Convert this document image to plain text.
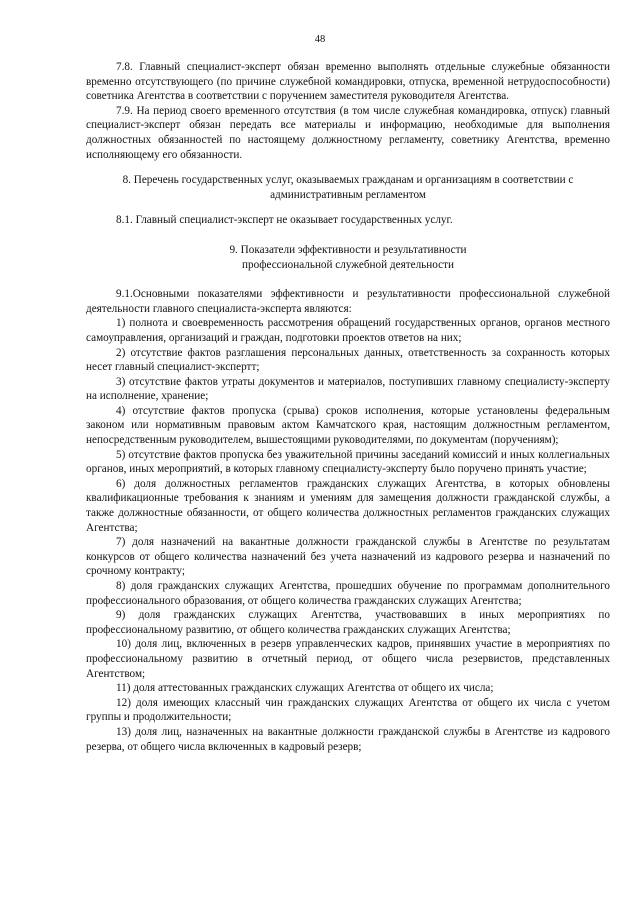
48

7.8. Главный специалист-эксперт обязан временно выполнять отдельные служебные обязанности временно отсутствующего (по причине служебной командировки, отпуска, временной нетрудоспособности) советника Агентства в соответствии с поручением заместителя руководителя Агентства.

7.9. На период своего временного отсутствия (в том числе служебная командировка, отпуск) главный специалист-эксперт обязан передать все материалы и информацию, необходимые для выполнения должностных обязанностей по настоящему должностному регламенту, советнику Агентства, временно исполняющему его обязанности.

8. Перечень государственных услуг, оказываемых гражданам и организациям в соответствии с административным регламентом

8.1. Главный специалист-эксперт не оказывает государственных услуг.

9. Показатели эффективности и результативности

профессиональной служебной деятельности

9.1.Основными показателями эффективности и результативности профессиональной служебной деятельности главного специалиста-эксперта являются:

1) полнота и своевременность рассмотрения обращений государственных органов, органов местного самоуправления, организаций и граждан, подготовки проектов ответов на них;

2) отсутствие фактов разглашения персональных данных, ответственность за сохранность которых несет главный специалист-экспертт;

3) отсутствие фактов утраты документов и материалов, поступивших главному специалисту-эксперту на исполнение, хранение;

4) отсутствие фактов пропуска (срыва) сроков исполнения, которые установлены федеральным законом или нормативным правовым актом Камчатского края, настоящим должностным регламентом, непосредственным руководителем, вышестоящими руководителями, по документам (поручениям);

5) отсутствие фактов пропуска без уважительной причины заседаний комиссий и иных коллегиальных органов, иных мероприятий, в которых главному специалисту-эксперту было поручено принять участие;

6) доля должностных регламентов гражданских служащих Агентства, в которых обновлены квалификационные требования к знаниям и умениям для замещения должности гражданской службы, а также должностные обязанности, от общего количества должностных регламентов гражданских служащих Агентства;

7) доля назначений на вакантные должности гражданской службы в Агентстве по результатам конкурсов от общего количества назначений без учета назначений из кадрового резерва и назначений по срочному контракту;

8) доля гражданских служащих Агентства, прошедших обучение по программам дополнительного профессионального образования, от общего количества гражданских служащих Агентства;

9) доля гражданских служащих Агентства, участвовавших в иных мероприятиях по профессиональному развитию, от общего количества гражданских служащих Агентства;

10) доля лиц, включенных в резерв управленческих кадров, принявших участие в мероприятиях по профессиональному развитию в отчетный период, от общего числа резервистов, представленных Агентством;

11) доля аттестованных гражданских служащих Агентства от общего их числа;

12) доля имеющих классный чин гражданских служащих Агентства от общего их числа с учетом группы и продолжительности;

13) доля лиц, назначенных на вакантные должности гражданской службы в Агентстве из кадрового резерва, от общего числа включенных в кадровый резерв;
